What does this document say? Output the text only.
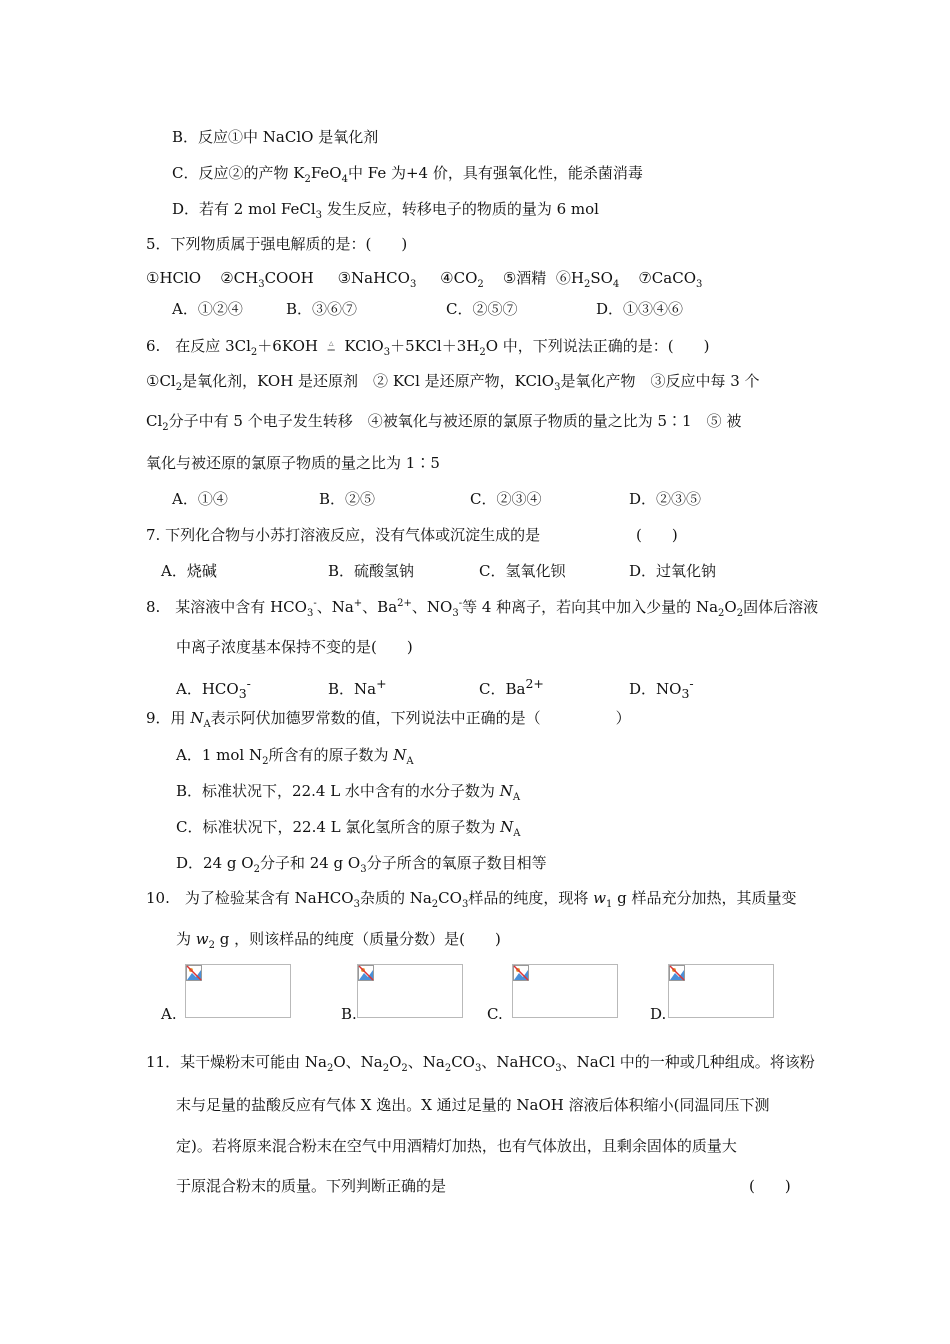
B．反应①中 NaClO 是氧化剂
C．反应②的产物 $K_2FeO_4$中 Fe 为+4 价，具有强氧化性，能杀菌消毒
D．若有 2 mol FeCl$_3$ 发生反应，转移电子的物质的量为 6 mol
5．下列物质属于强电解质的是：(　　)
①HClO $②CH_3COOH$ ③NaHCO$_3$ $④CO_2$ ⑤酒精 $⑥H_2SO_4$ ⑦CaCO$_3$
A．①②④	B．③⑥⑦	C．②⑤⑦	D．①③④⑥
6.　在反应 $3Cl_2+6KOH$ △
══ $KClO_3+5KCl+3H_2O$ 中，下列说法正确的是：(　　)
$①Cl_2$是氧化剂，KOH 是还原剂　② KCl 是还原产物，KClO$_3$是氧化产物　③反应中每 3 个
$Cl_2$分子中有 5 个电子发生转移　④被氧化与被还原的氯原子物质的量之比为 5∶1　⑤ 被
氧化与被还原的氯原子物质的量之比为 1∶5
A．①④	B．②⑤	C．②③④	D．②③⑤
7. 下列化合物与小苏打溶液反应，没有气体或沉淀生成的是	(　　)
A．烧碱	B．硫酸氢钠	C．氢氧化钡	D．过氧化钠
8.　某溶液中含有 $HCO_3^-$、Na+、$Ba^{2+}$、$NO_3^-$等 4 种离子，若向其中加入少量的 $Na_2O_2$固体后溶液
中离子浓度基本保持不变的是(　　)
A．$HCO_3^-$	B．Na+	C．$Ba^{2+}$	D．$NO_3^-$
9．用 $N_A$表示阿伏加德罗常数的值，下列说法中正确的是（　　　　　）
A．1 mol $N_2$所含有的原子数为 $N_A$
B．标准状况下，22.4 L 水中含有的水分子数为 $N_A$
C．标准状况下，22.4 L 氯化氢所含的原子数为 $N_A$
D．24 g $O_2$分子和 24 g $O_3$分子所含的氧原子数目相等
10.　为了检验某含有 NaHCO$_3$杂质的 $Na_2CO_3$样品的纯度，现将 $w_1$ g 样品充分加热，其质量变
为 $w_2$ g ，则该样品的纯度（质量分数）是(　　)
A.	B.	C.	D.
11．某干燥粉末可能由 $Na_2O$、$Na_2O_2$、$Na_2CO_3$、NaHCO$_3$、NaCl 中的一种或几种组成。将该粉
末与足量的盐酸反应有气体 X 逸出。X 通过足量的 NaOH 溶液后体积缩小(同温同压下测
定)。若将原来混合粉末在空气中用酒精灯加热，也有气体放出，且剩余固体的质量大
于原混合粉末的质量。下列判断正确的是	(　　)
